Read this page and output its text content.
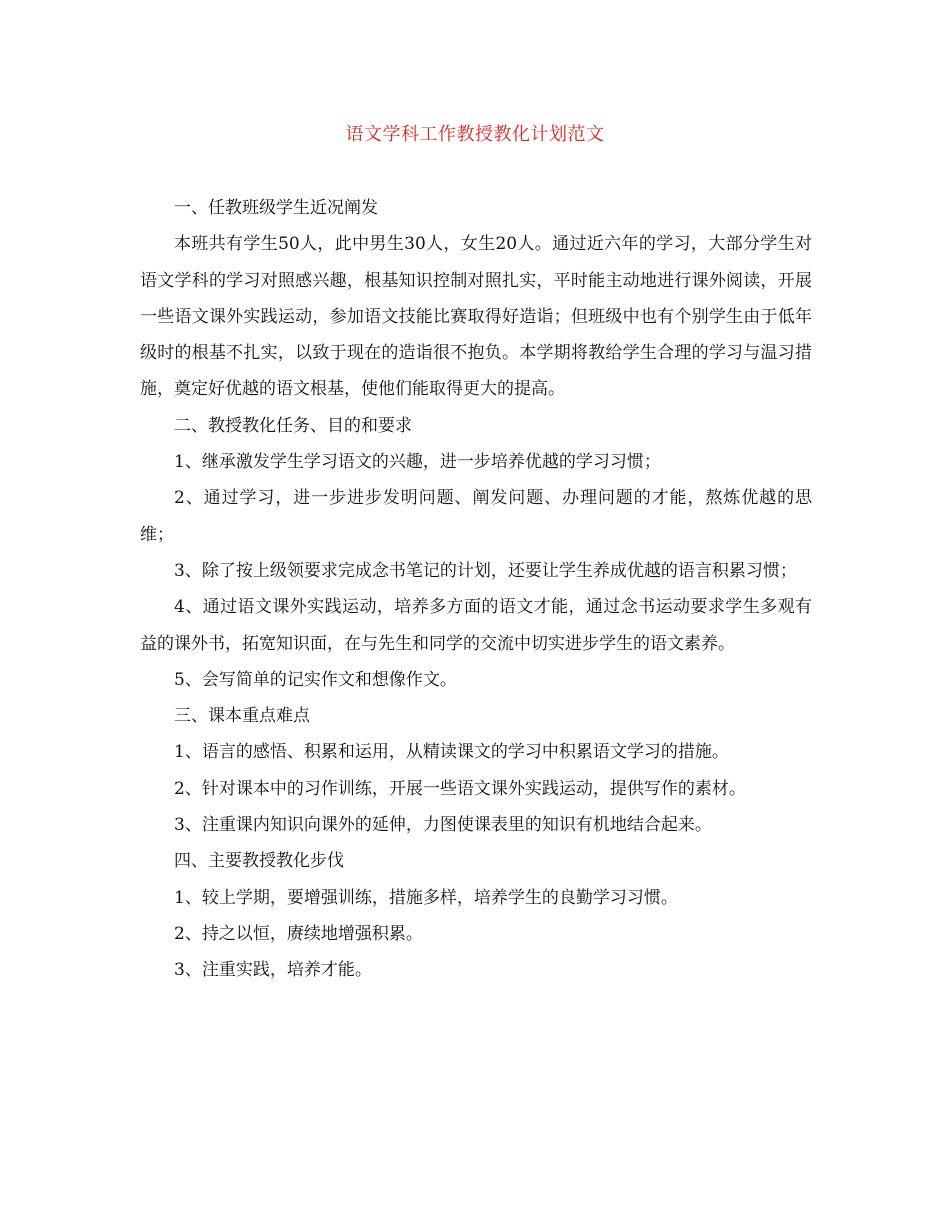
语文学科工作教授教化计划范文

一、任教班级学生近况阐发

本班共有学生50人，此中男生30人，女生20人。通过近六年的学习，大部分学生对语文学科的学习对照感兴趣，根基知识控制对照扎实，平时能主动地进行课外阅读，开展一些语文课外实践运动，参加语文技能比赛取得好造诣；但班级中也有个别学生由于低年级时的根基不扎实，以致于现在的造诣很不抱负。本学期将教给学生合理的学习与温习措施，奠定好优越的语文根基，使他们能取得更大的提高。

二、教授教化任务、目的和要求

1、继承激发学生学习语文的兴趣，进一步培养优越的学习习惯；

2、通过学习，进一步进步发明问题、阐发问题、办理问题的才能，熬炼优越的思维；

3、除了按上级领要求完成念书笔记的计划，还要让学生养成优越的语言积累习惯；

4、通过语文课外实践运动，培养多方面的语文才能，通过念书运动要求学生多观有益的课外书，拓宽知识面，在与先生和同学的交流中切实进步学生的语文素养。

5、会写简单的记实作文和想像作文。

三、课本重点难点

1、语言的感悟、积累和运用，从精读课文的学习中积累语文学习的措施。

2、针对课本中的习作训练，开展一些语文课外实践运动，提供写作的素材。

3、注重课内知识向课外的延伸，力图使课表里的知识有机地结合起来。

四、主要教授教化步伐

1、较上学期，要增强训练，措施多样，培养学生的良勤学习习惯。

2、持之以恒，赓续地增强积累。

3、注重实践，培养才能。
